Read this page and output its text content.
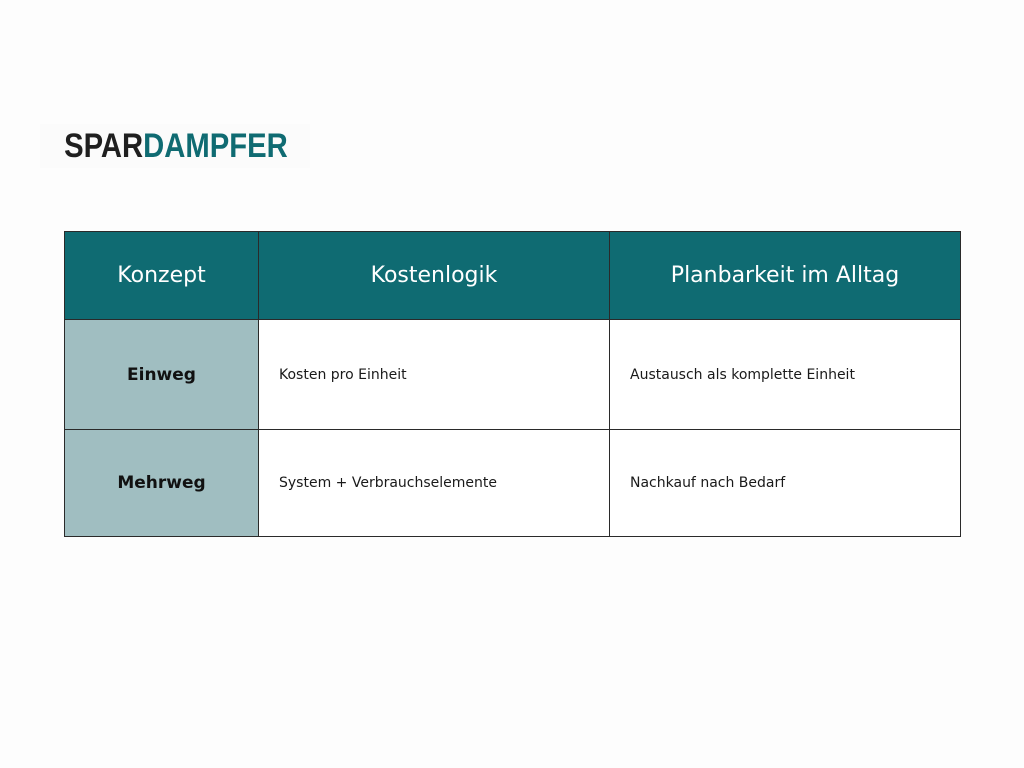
SPAR DAMPFER
Konzept	Kostenlogik	Planbarkeit im Alltag
Einweg	Kosten pro Einheit	Austausch als komplette Einheit
Mehrweg	System + Verbrauchselemente	Nachkauf nach Bedarf
